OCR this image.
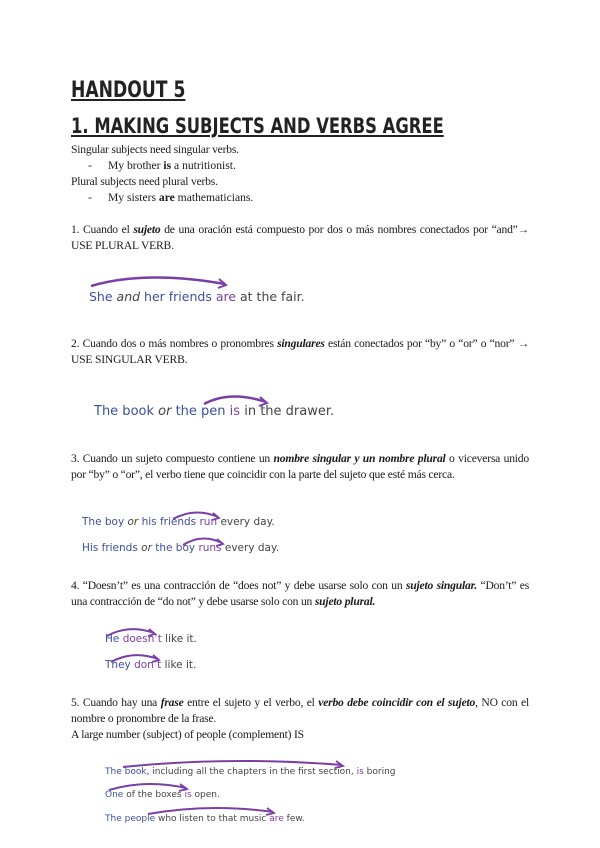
HANDOUT 5
1. MAKING SUBJECTS AND VERBS AGREE
Singular subjects need singular verbs.
- My brother is a nutritionist.
Plural subjects need plural verbs.
- My sisters are mathematicians.
1. Cuando el sujeto de una oración está compuesto por dos o más nombres conectados por “and”→ USE PLURAL VERB.
She and her friends are at the fair.
2. Cuando dos o más nombres o pronombres singulares están conectados por “by” o “or” o “nor” → USE SINGULAR VERB.
The book or the pen is in the drawer.
3. Cuando un sujeto compuesto contiene un nombre singular y un nombre plural o viceversa unido por “by” o “or”, el verbo tiene que coincidir con la parte del sujeto que esté más cerca.
The boy or his friends run every day.
His friends or the boy runs every day.
4. “Doesn’t” es una contracción de “does not” y debe usarse solo con un sujeto singular. “Don’t” es una contracción de “do not” y debe usarse solo con un sujeto plural.
He doesn’t like it.
They don’t like it.
5. Cuando hay una frase entre el sujeto y el verbo, el verbo debe coincidir con el sujeto, NO con el nombre o pronombre de la frase.
A large number (subject) of people (complement) IS
The book, including all the chapters in the first section, is boring
One of the boxes is open.
The people who listen to that music are few.
